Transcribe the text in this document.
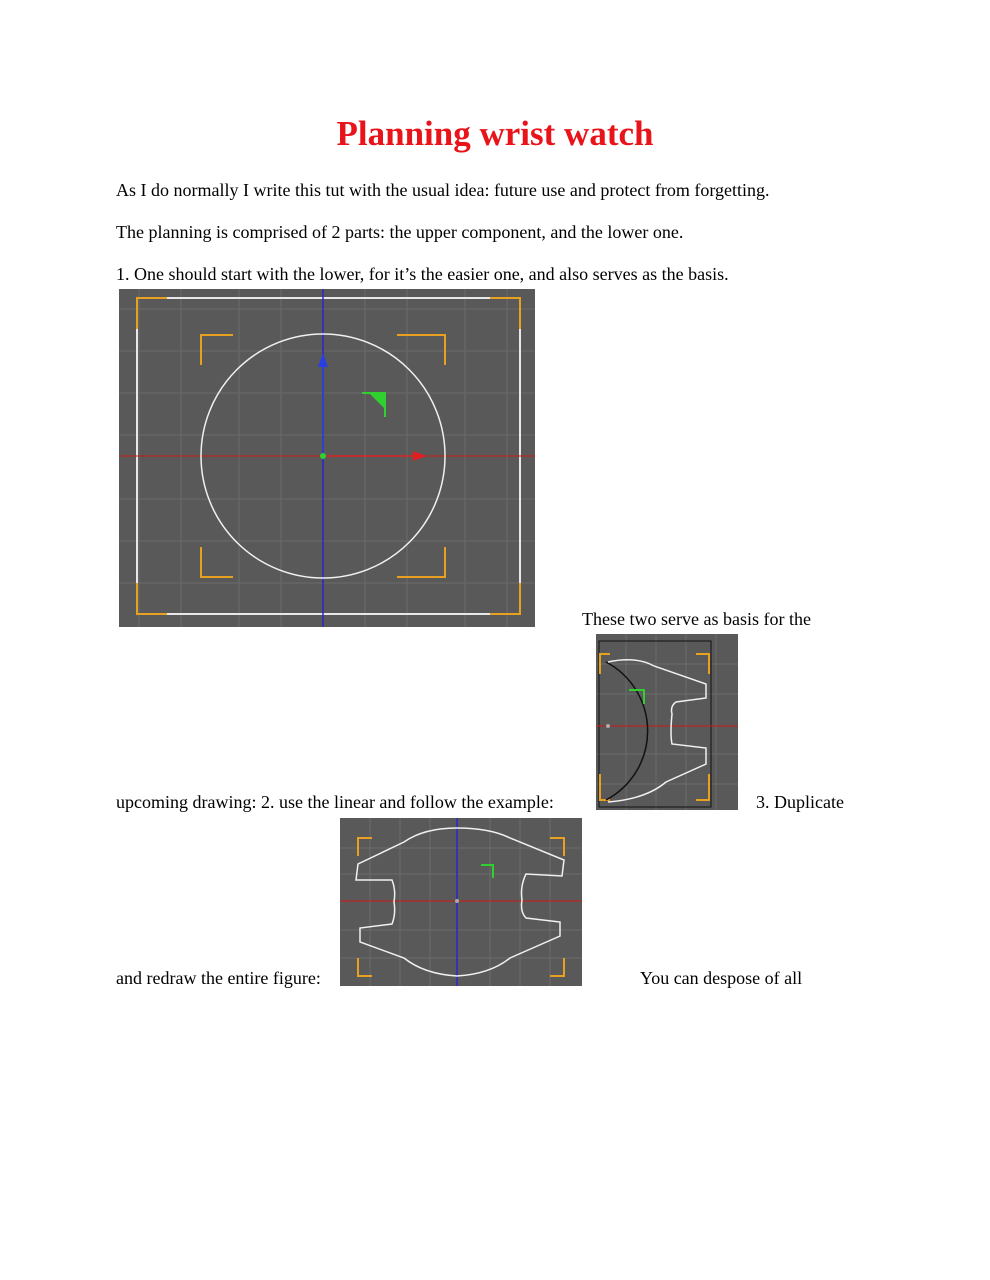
Planning wrist watch
As I do normally I write this tut with the usual idea: future use and protect from forgetting.
The planning is comprised of 2 parts: the upper component, and the lower one.
1. One should start with the lower, for it’s the easier one, and also serves as the basis.
These two serve as basis for the
upcoming drawing: 2. use the linear and follow the example:	3. Duplicate
and redraw the entire figure:	You can despose of all
